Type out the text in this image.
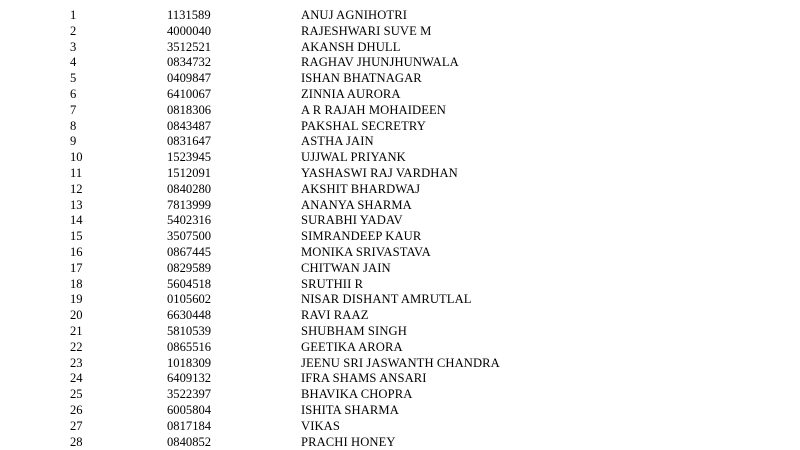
1	1131589	ANUJ AGNIHOTRI
2	4000040	RAJESHWARI SUVE M
3	3512521	AKANSH DHULL
4	0834732	RAGHAV JHUNJHUNWALA
5	0409847	ISHAN BHATNAGAR
6	6410067	ZINNIA AURORA
7	0818306	A R RAJAH MOHAIDEEN
8	0843487	PAKSHAL SECRETRY
9	0831647	ASTHA JAIN
10	1523945	UJJWAL PRIYANK
11	1512091	YASHASWI RAJ VARDHAN
12	0840280	AKSHIT BHARDWAJ
13	7813999	ANANYA SHARMA
14	5402316	SURABHI YADAV
15	3507500	SIMRANDEEP KAUR
16	0867445	MONIKA SRIVASTAVA
17	0829589	CHITWAN JAIN
18	5604518	SRUTHII R
19	0105602	NISAR DISHANT AMRUTLAL
20	6630448	RAVI RAAZ
21	5810539	SHUBHAM SINGH
22	0865516	GEETIKA ARORA
23	1018309	JEENU SRI JASWANTH CHANDRA
24	6409132	IFRA SHAMS ANSARI
25	3522397	BHAVIKA CHOPRA
26	6005804	ISHITA SHARMA
27	0817184	VIKAS
28	0840852	PRACHI HONEY
